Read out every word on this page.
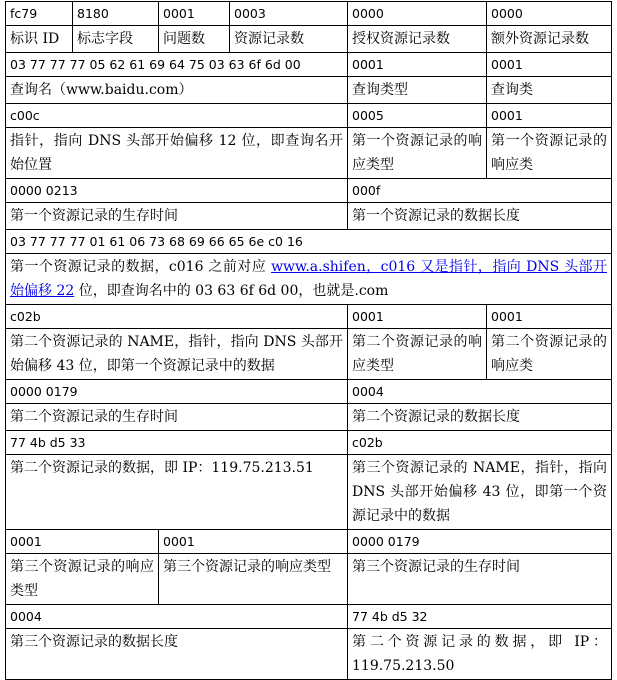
fc79	8180	0001	0003	0000	0000
标识 ID	标志字段	问题数	资源记录数	授权资源记录数	额外资源记录数
03 77 77 77 05 62 61 69 64 75 03 63 6f 6d 00				0001	0001
查询名（www.baidu.com）				查询类型	查询类
c00c				0005	0001
指针，指向 DNS 头部开始偏移 12 位，即查询名开始位置				第一个资源记录的响应类型	第一个资源记录的响应类
0000 0213				000f	
第一个资源记录的生存时间				第一个资源记录的数据长度	
03 77 77 77 01 61 06 73 68 69 66 65 6e c0 16					
第一个资源记录的数据，c016 之前对应 www.a.shifen，c016 又是指针，指向 DNS 头部开始偏移 22 位，即查询名中的 03 63 6f 6d 00，也就是.com					
c02b				0001	0001
第二个资源记录的 NAME，指针，指向 DNS 头部开始偏移 43 位，即第一个资源记录中的数据				第二个资源记录的响应类型	第二个资源记录的响应类
0000 0179				0004	
第二个资源记录的生存时间				第二个资源记录的数据长度	
77 4b d5 33				c02b	
第二个资源记录的数据，即 IP：119.75.213.51				第三个资源记录的 NAME，指针，指向 DNS 头部开始偏移 43 位，即第一个资源记录中的数据	
0001		0001		0000 0179	
第三个资源记录的响应类型		第三个资源记录的响应类型		第三个资源记录的生存时间	
0004				77 4b d5 32	
第三个资源记录的数据长度				第二个资源记录的数据，即 IP：119.75.213.50	
